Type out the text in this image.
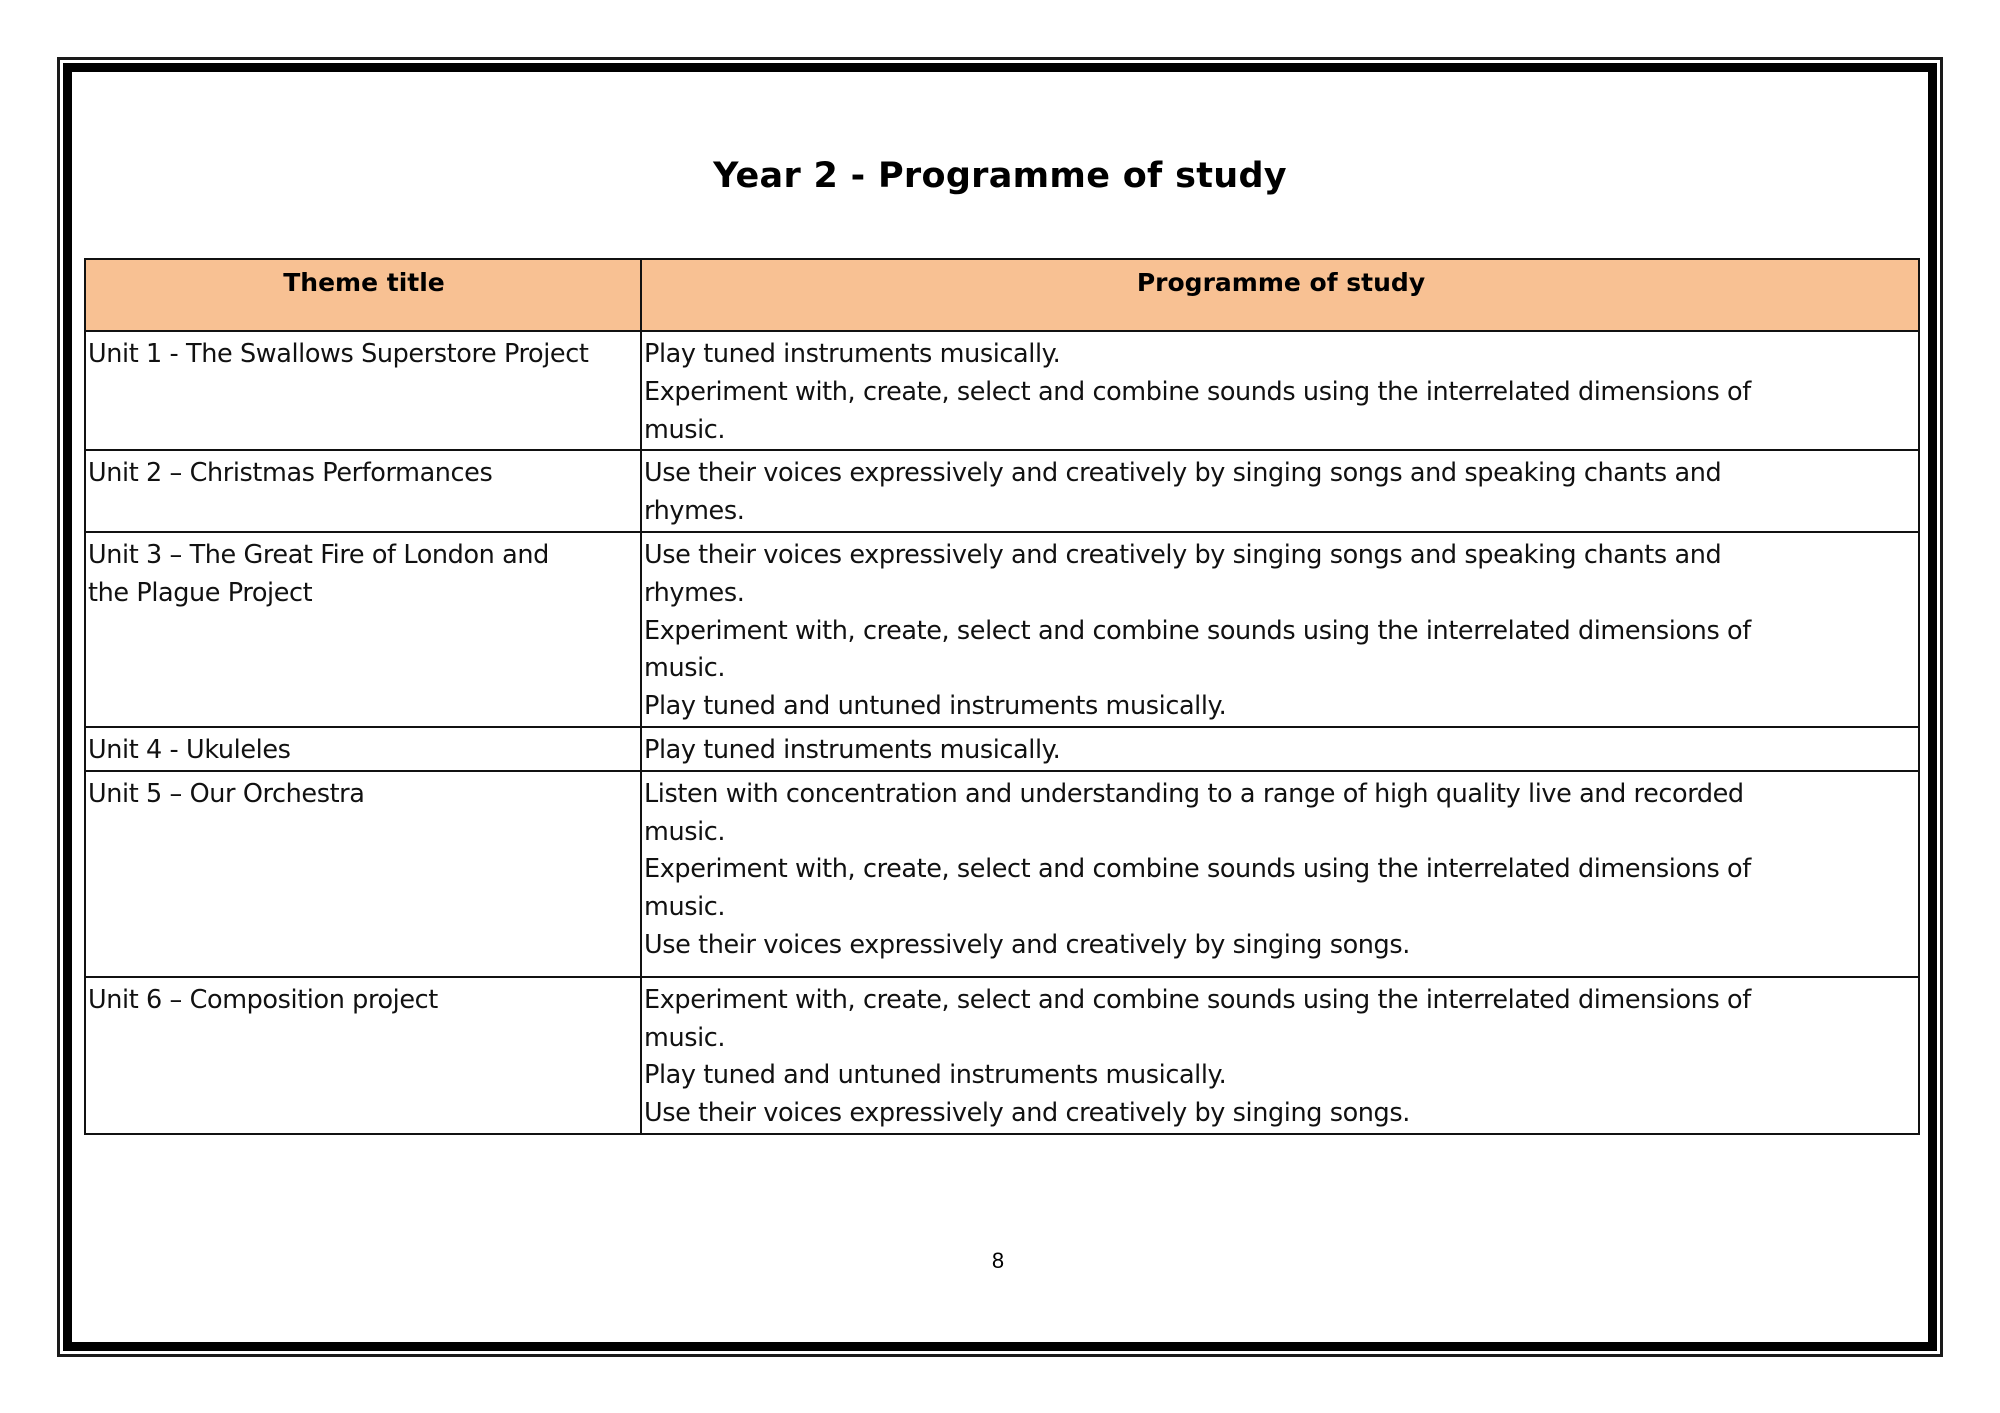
Year 2 - Programme of study
Theme title	Programme of study

Unit 1 - The Swallows Superstore Project	Play tuned instruments musically.
Experiment with, create, select and combine sounds using the interrelated dimensions of
music.

Unit 2 – Christmas Performances	Use their voices expressively and creatively by singing songs and speaking chants and
rhymes.

Unit 3 – The Great Fire of London and
the Plague Project	Use their voices expressively and creatively by singing songs and speaking chants and
rhymes.
Experiment with, create, select and combine sounds using the interrelated dimensions of
music.
Play tuned and untuned instruments musically.

Unit 4 - Ukuleles	Play tuned instruments musically.

Unit 5 – Our Orchestra	Listen with concentration and understanding to a range of high quality live and recorded
music.
Experiment with, create, select and combine sounds using the interrelated dimensions of
music.
Use their voices expressively and creatively by singing songs.

Unit 6 – Composition project	Experiment with, create, select and combine sounds using the interrelated dimensions of
music.
Play tuned and untuned instruments musically.
Use their voices expressively and creatively by singing songs.
8
